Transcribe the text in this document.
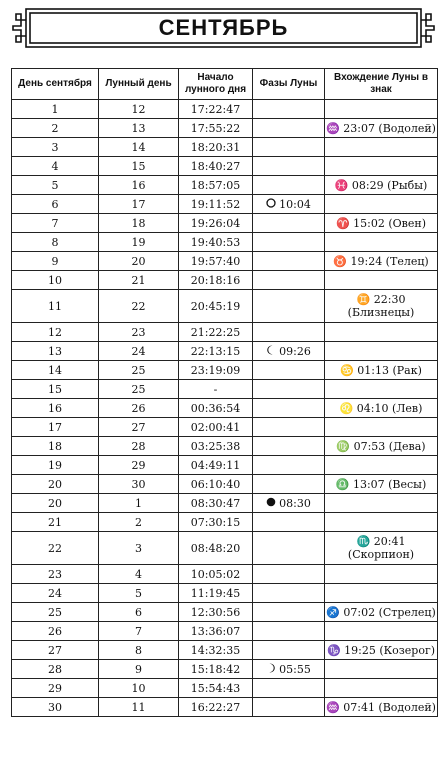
СЕНТЯБРЬ
День сентября	Лунный день	Начало лунного дня	Фазы Луны	Вхождение Луны в знак
1	12	17:22:47		

2	13	17:55:22		♒ 23:07 (Водолей)

3	14	18:20:31		

4	15	18:40:27		

5	16	18:57:05		♓ 08:29 (Рыбы)

6	17	19:11:52	10:04	

7	18	19:26:04		♈ 15:02 (Овен)

8	19	19:40:53		

9	20	19:57:40		♉ 19:24 (Телец)

10	21	20:18:16		

11	22	20:45:19		♊ 22:30
(Близнецы)

12	23	21:22:25		

13	24	22:13:15	09:26	

14	25	23:19:09		♋ 01:13 (Рак)

15	25	-		

16	26	00:36:54		♌ 04:10 (Лев)

17	27	02:00:41		

18	28	03:25:38		♍ 07:53 (Дева)

19	29	04:49:11		

20	30	06:10:40		♎ 13:07 (Весы)

20	1	08:30:47	08:30	

21	2	07:30:15		

22	3	08:48:20		♏ 20:41
(Скорпион)

23	4	10:05:02		

24	5	11:19:45		

25	6	12:30:56		♐ 07:02 (Стрелец)

26	7	13:36:07		

27	8	14:32:35		♑ 19:25 (Козерог)

28	9	15:18:42	05:55	

29	10	15:54:43		

30	11	16:22:27		♒ 07:41 (Водолей)
